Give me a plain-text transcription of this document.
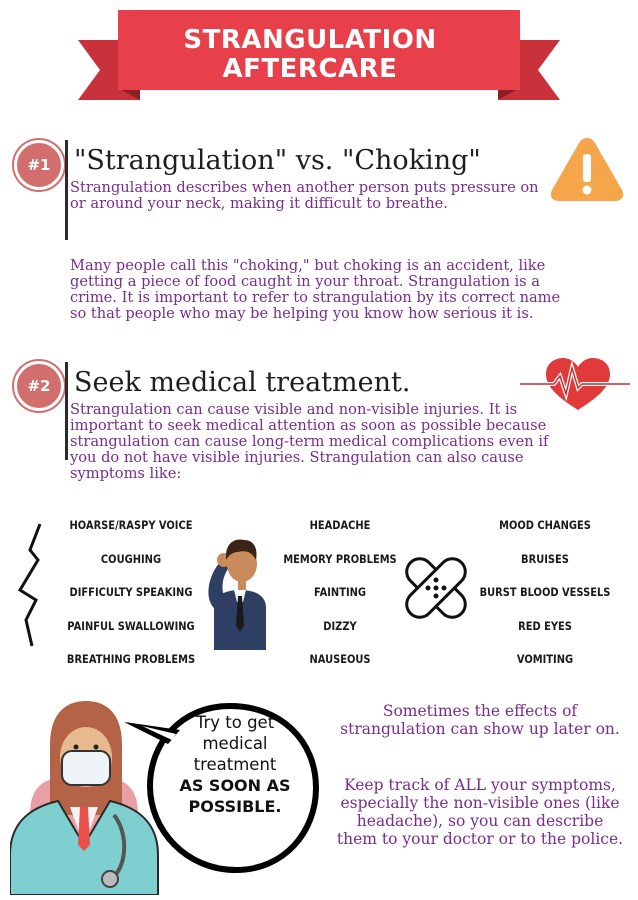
STRANGULATION
AFTERCARE
#1 "Strangulation" vs. "Choking"

Strangulation describes when another person puts pressure on or around your neck, making it difficult to breathe.

Many people call this "choking," but choking is an accident, like getting a piece of food caught in your throat. Strangulation is a crime. It is important to refer to strangulation by its correct name so that people who may be helping you know how serious it is.

#2 Seek medical treatment.

Strangulation can cause visible and non-visible injuries. It is important to seek medical attention as soon as possible because strangulation can cause long-term medical complications even if you do not have visible injuries. Strangulation can also cause symptoms like:

HOARSE/RASPY VOICE
COUGHING
DIFFICULTY SPEAKING
PAINFUL SWALLOWING
BREATHING PROBLEMS
HEADACHE
MEMORY PROBLEMS
FAINTING
DIZZY
NAUSEOUS
MOOD CHANGES
BRUISES
BURST BLOOD VESSELS
RED EYES
VOMITING
Try to get
medical
treatment
AS SOON AS
POSSIBLE.

Sometimes the effects of strangulation can show up later on.

Keep track of ALL your symptoms, especially the non-visible ones (like headache), so you can describe them to your doctor or to the police.
